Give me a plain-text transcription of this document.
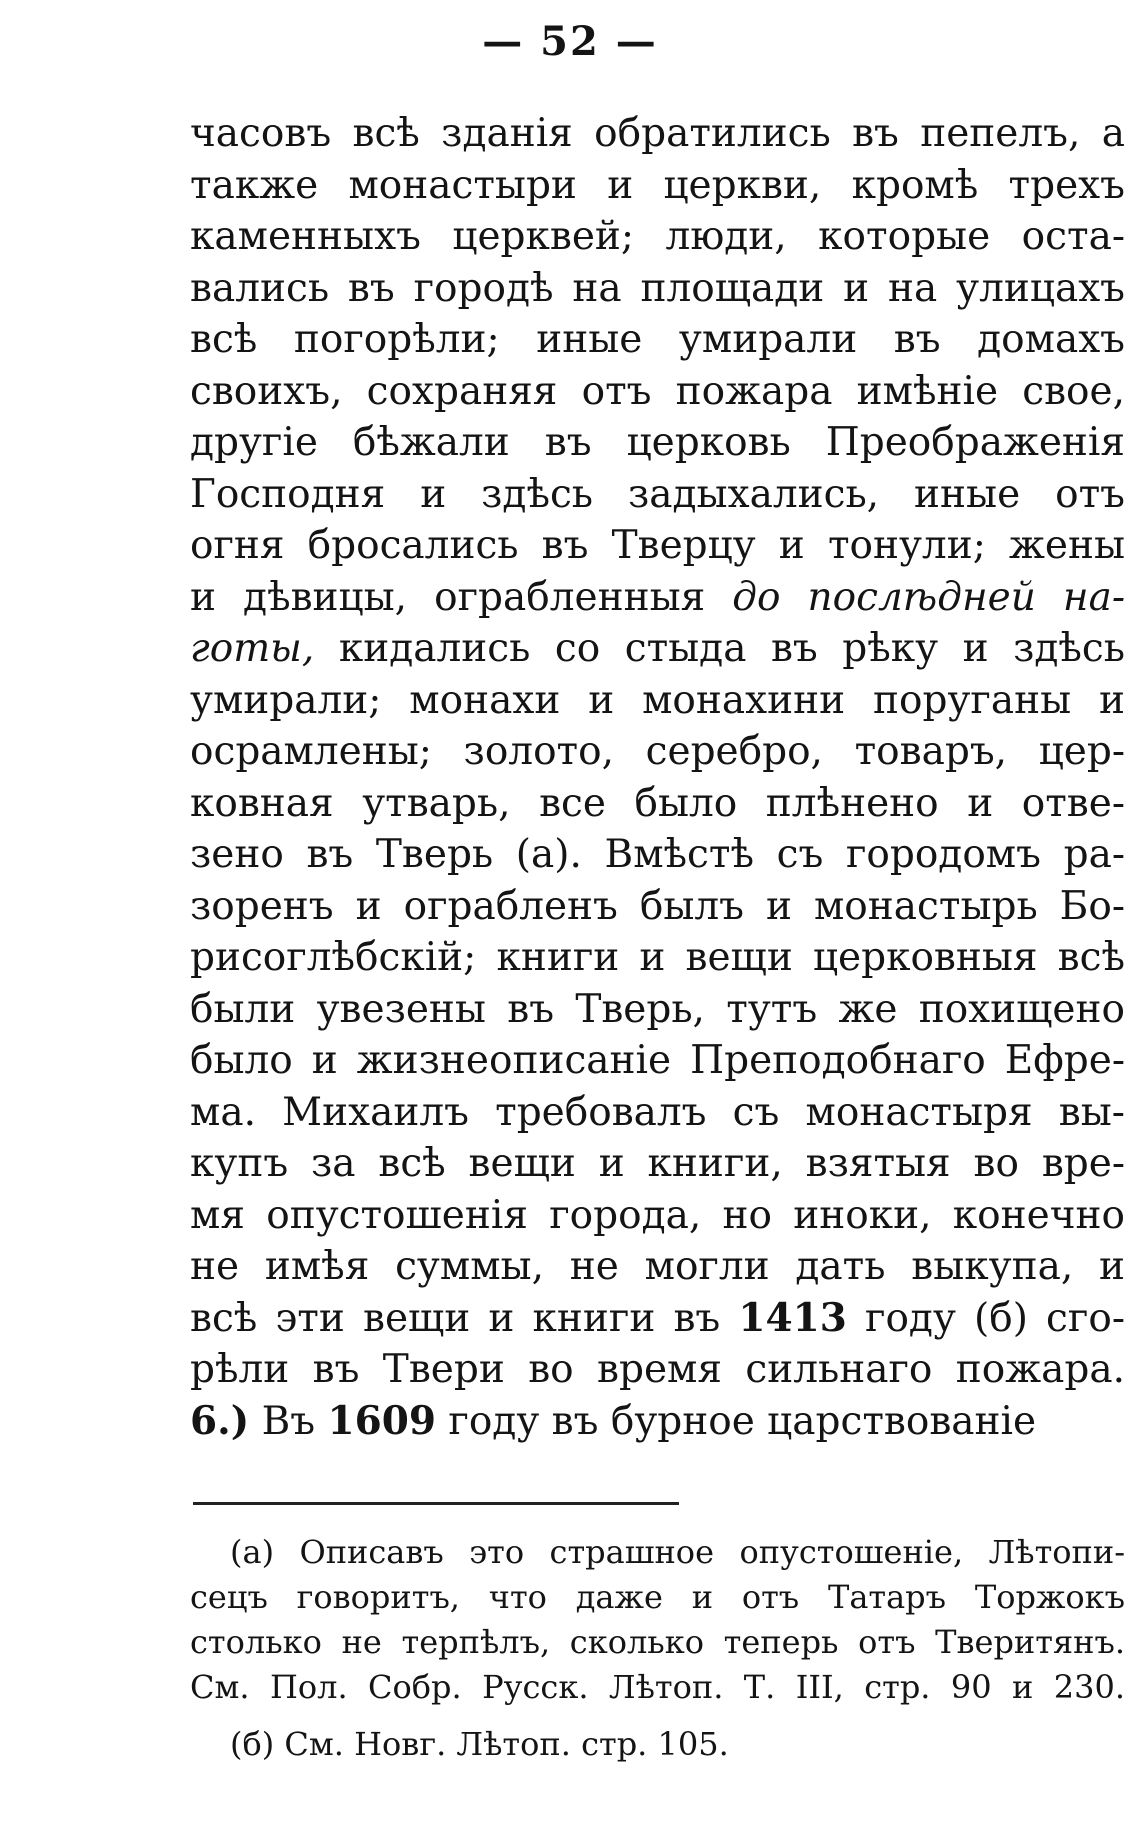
— 52 —
часовъ всѣ зданія обратились въ пепелъ, а
также монастыри и церкви, кромѣ трехъ
каменныхъ церквей; люди, которые оста-
вались въ городѣ на площади и на улицахъ
всѣ погорѣли; иные умирали въ домахъ
своихъ, сохраняя отъ пожара имѣніе свое,
другіе бѣжали въ церковь Преображенія
Господня и здѣсь задыхались, иные отъ
огня бросались въ Тверцу и тонули; жены
и дѣвицы, ограбленныя до послѣдней на-
готы, кидались со стыда въ рѣку и здѣсь
умирали; монахи и монахини поруганы и
осрамлены; золото, серебро, товаръ, цер-
ковная утварь, все было плѣнено и отве-
зено въ Тверь (а). Вмѣстѣ съ городомъ ра-
зоренъ и ограбленъ былъ и монастырь Бо-
рисоглѣбскій; книги и вещи церковныя всѣ
были увезены въ Тверь, тутъ же похищено
было и жизнеописаніе Преподобнаго Ефре-
ма. Михаилъ требовалъ съ монастыря вы-
купъ за всѣ вещи и книги, взятыя во вре-
мя опустошенія города, но иноки, конечно
не имѣя суммы, не могли дать выкупа, и
всѣ эти вещи и книги въ 1413 году (б) сго-
рѣли въ Твери во время сильнаго пожара.
6.) Въ 1609 году въ бурное царствованіе
(а) Описавъ это страшное опустошеніе, Лѣтопи-
сецъ говоритъ, что даже и отъ Татаръ Торжокъ
столько не терпѣлъ, сколько теперь отъ Тверитянъ.
См. Пол. Собр. Русск. Лѣтоп. Т. III, стр. 90 и 230.
(б) См. Новг. Лѣтоп. стр. 105.
